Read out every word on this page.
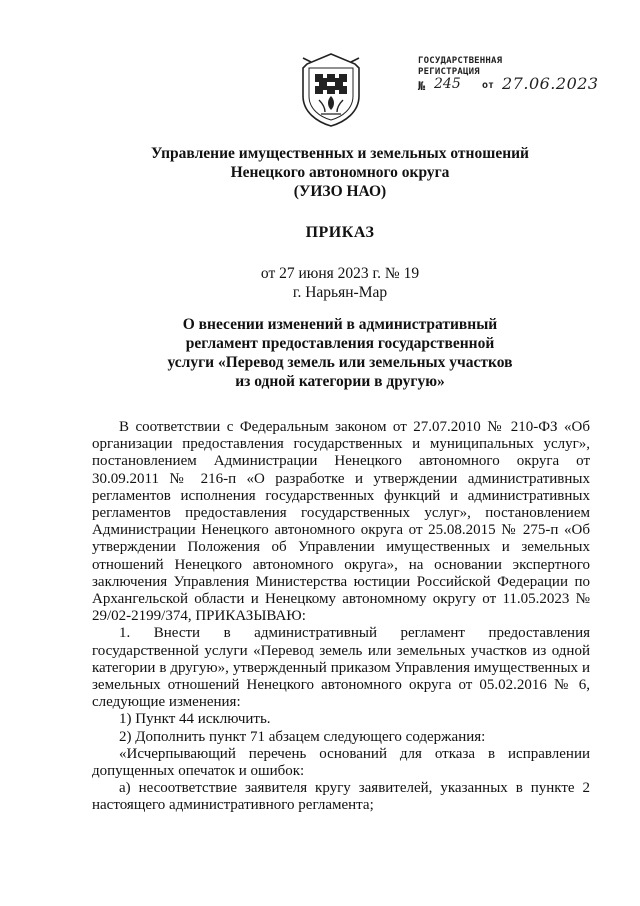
ГОСУДАРСТВЕННАЯ
РЕГИСТРАЦИЯ
№ 245 от 27.06.2023
Управление имущественных и земельных отношений
Ненецкого автономного округа
(УИЗО НАО)
ПРИКАЗ
от 27 июня 2023 г. № 19
г. Нарьян-Мар
О внесении изменений в административный
регламент предоставления государственной
услуги «Перевод земель или земельных участков
из одной категории в другую»

В соответствии с Федеральным законом от 27.07.2010 № 210-ФЗ «Об организации предоставления государственных и муниципальных услуг», постановлением Администрации Ненецкого автономного округа от 30.09.2011 № 216-п «О разработке и утверждении административных регламентов исполнения государственных функций и административных регламентов предоставления государственных услуг», постановлением Администрации Ненецкого автономного округа от 25.08.2015 № 275-п «Об утверждении Положения об Управлении имущественных и земельных отношений Ненецкого автономного округа», на основании экспертного заключения Управления Министерства юстиции Российской Федерации по Архангельской области и Ненецкому автономному округу от 11.05.2023 № 29/02-2199/374, ПРИКАЗЫВАЮ:

1. Внести в административный регламент предоставления государственной услуги «Перевод земель или земельных участков из одной категории в другую», утвержденный приказом Управления имущественных и земельных отношений Ненецкого автономного округа от 05.02.2016 № 6, следующие изменения:

1) Пункт 44 исключить.

2) Дополнить пункт 71 абзацем следующего содержания:

«Исчерпывающий перечень оснований для отказа в исправлении допущенных опечаток и ошибок:

а) несоответствие заявителя кругу заявителей, указанных в пункте 2 настоящего административного регламента;
